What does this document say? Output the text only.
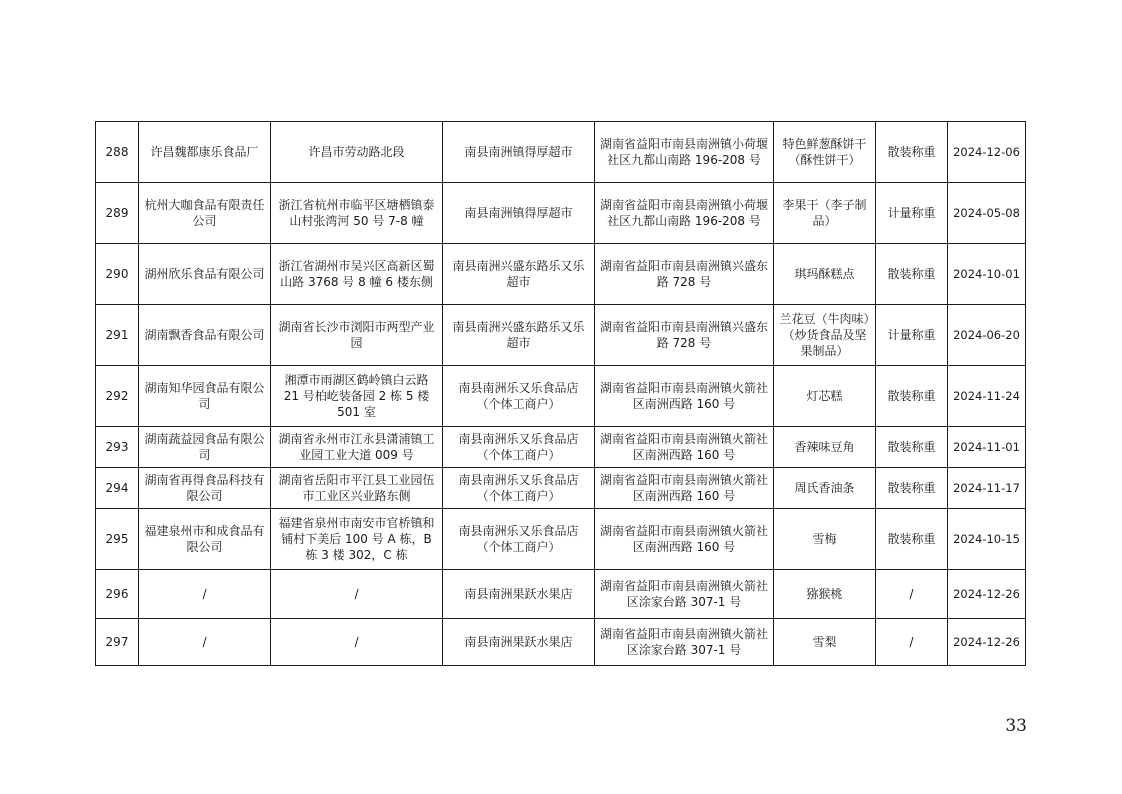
288	许昌魏都康乐食品厂	许昌市劳动路北段	南县南洲镇得厚超市	湖南省益阳市南县南洲镇小荷堰社区九都山南路 196-208 号	特色鲜葱酥饼干（酥性饼干）	散装称重	2024-12-06
289	杭州大咖食品有限责任公司	浙江省杭州市临平区塘栖镇泰山村张湾河 50 号 7-8 幢	南县南洲镇得厚超市	湖南省益阳市南县南洲镇小荷堰社区九都山南路 196-208 号	李果干（李子制品）	计量称重	2024-05-08
290	湖州欣乐食品有限公司	浙江省湖州市吴兴区高新区蜀山路 3768 号 8 幢 6 楼东侧	南县南洲兴盛东路乐又乐超市	湖南省益阳市南县南洲镇兴盛东路 728 号	琪玛酥糕点	散装称重	2024-10-01
291	湖南飘香食品有限公司	湖南省长沙市浏阳市两型产业园	南县南洲兴盛东路乐又乐超市	湖南省益阳市南县南洲镇兴盛东路 728 号	兰花豆（牛肉味）（炒货食品及坚果制品）	计量称重	2024-06-20
292	湖南知华园食品有限公司	湘潭市雨湖区鹤岭镇白云路 21 号柏屹装备园 2 栋 5 楼 501 室	南县南洲乐又乐食品店（个体工商户）	湖南省益阳市南县南洲镇火箭社区南洲西路 160 号	灯芯糕	散装称重	2024-11-24
293	湖南蔬益园食品有限公司	湖南省永州市江永县潇浦镇工业园工业大道 009 号	南县南洲乐又乐食品店（个体工商户）	湖南省益阳市南县南洲镇火箭社区南洲西路 160 号	香辣味豆角	散装称重	2024-11-01
294	湖南省再得食品科技有限公司	湖南省岳阳市平江县工业园伍市工业区兴业路东侧	南县南洲乐又乐食品店（个体工商户）	湖南省益阳市南县南洲镇火箭社区南洲西路 160 号	周氏香油条	散装称重	2024-11-17
295	福建泉州市和成食品有限公司	福建省泉州市南安市官桥镇和铺村下美后 100 号 A 栋，B 栋 3 楼 302，C 栋	南县南洲乐又乐食品店（个体工商户）	湖南省益阳市南县南洲镇火箭社区南洲西路 160 号	雪梅	散装称重	2024-10-15
296	/	/	南县南洲果跃水果店	湖南省益阳市南县南洲镇火箭社区涂家台路 307-1 号	猕猴桃	/	2024-12-26
297	/	/	南县南洲果跃水果店	湖南省益阳市南县南洲镇火箭社区涂家台路 307-1 号	雪梨	/	2024-12-26
33
